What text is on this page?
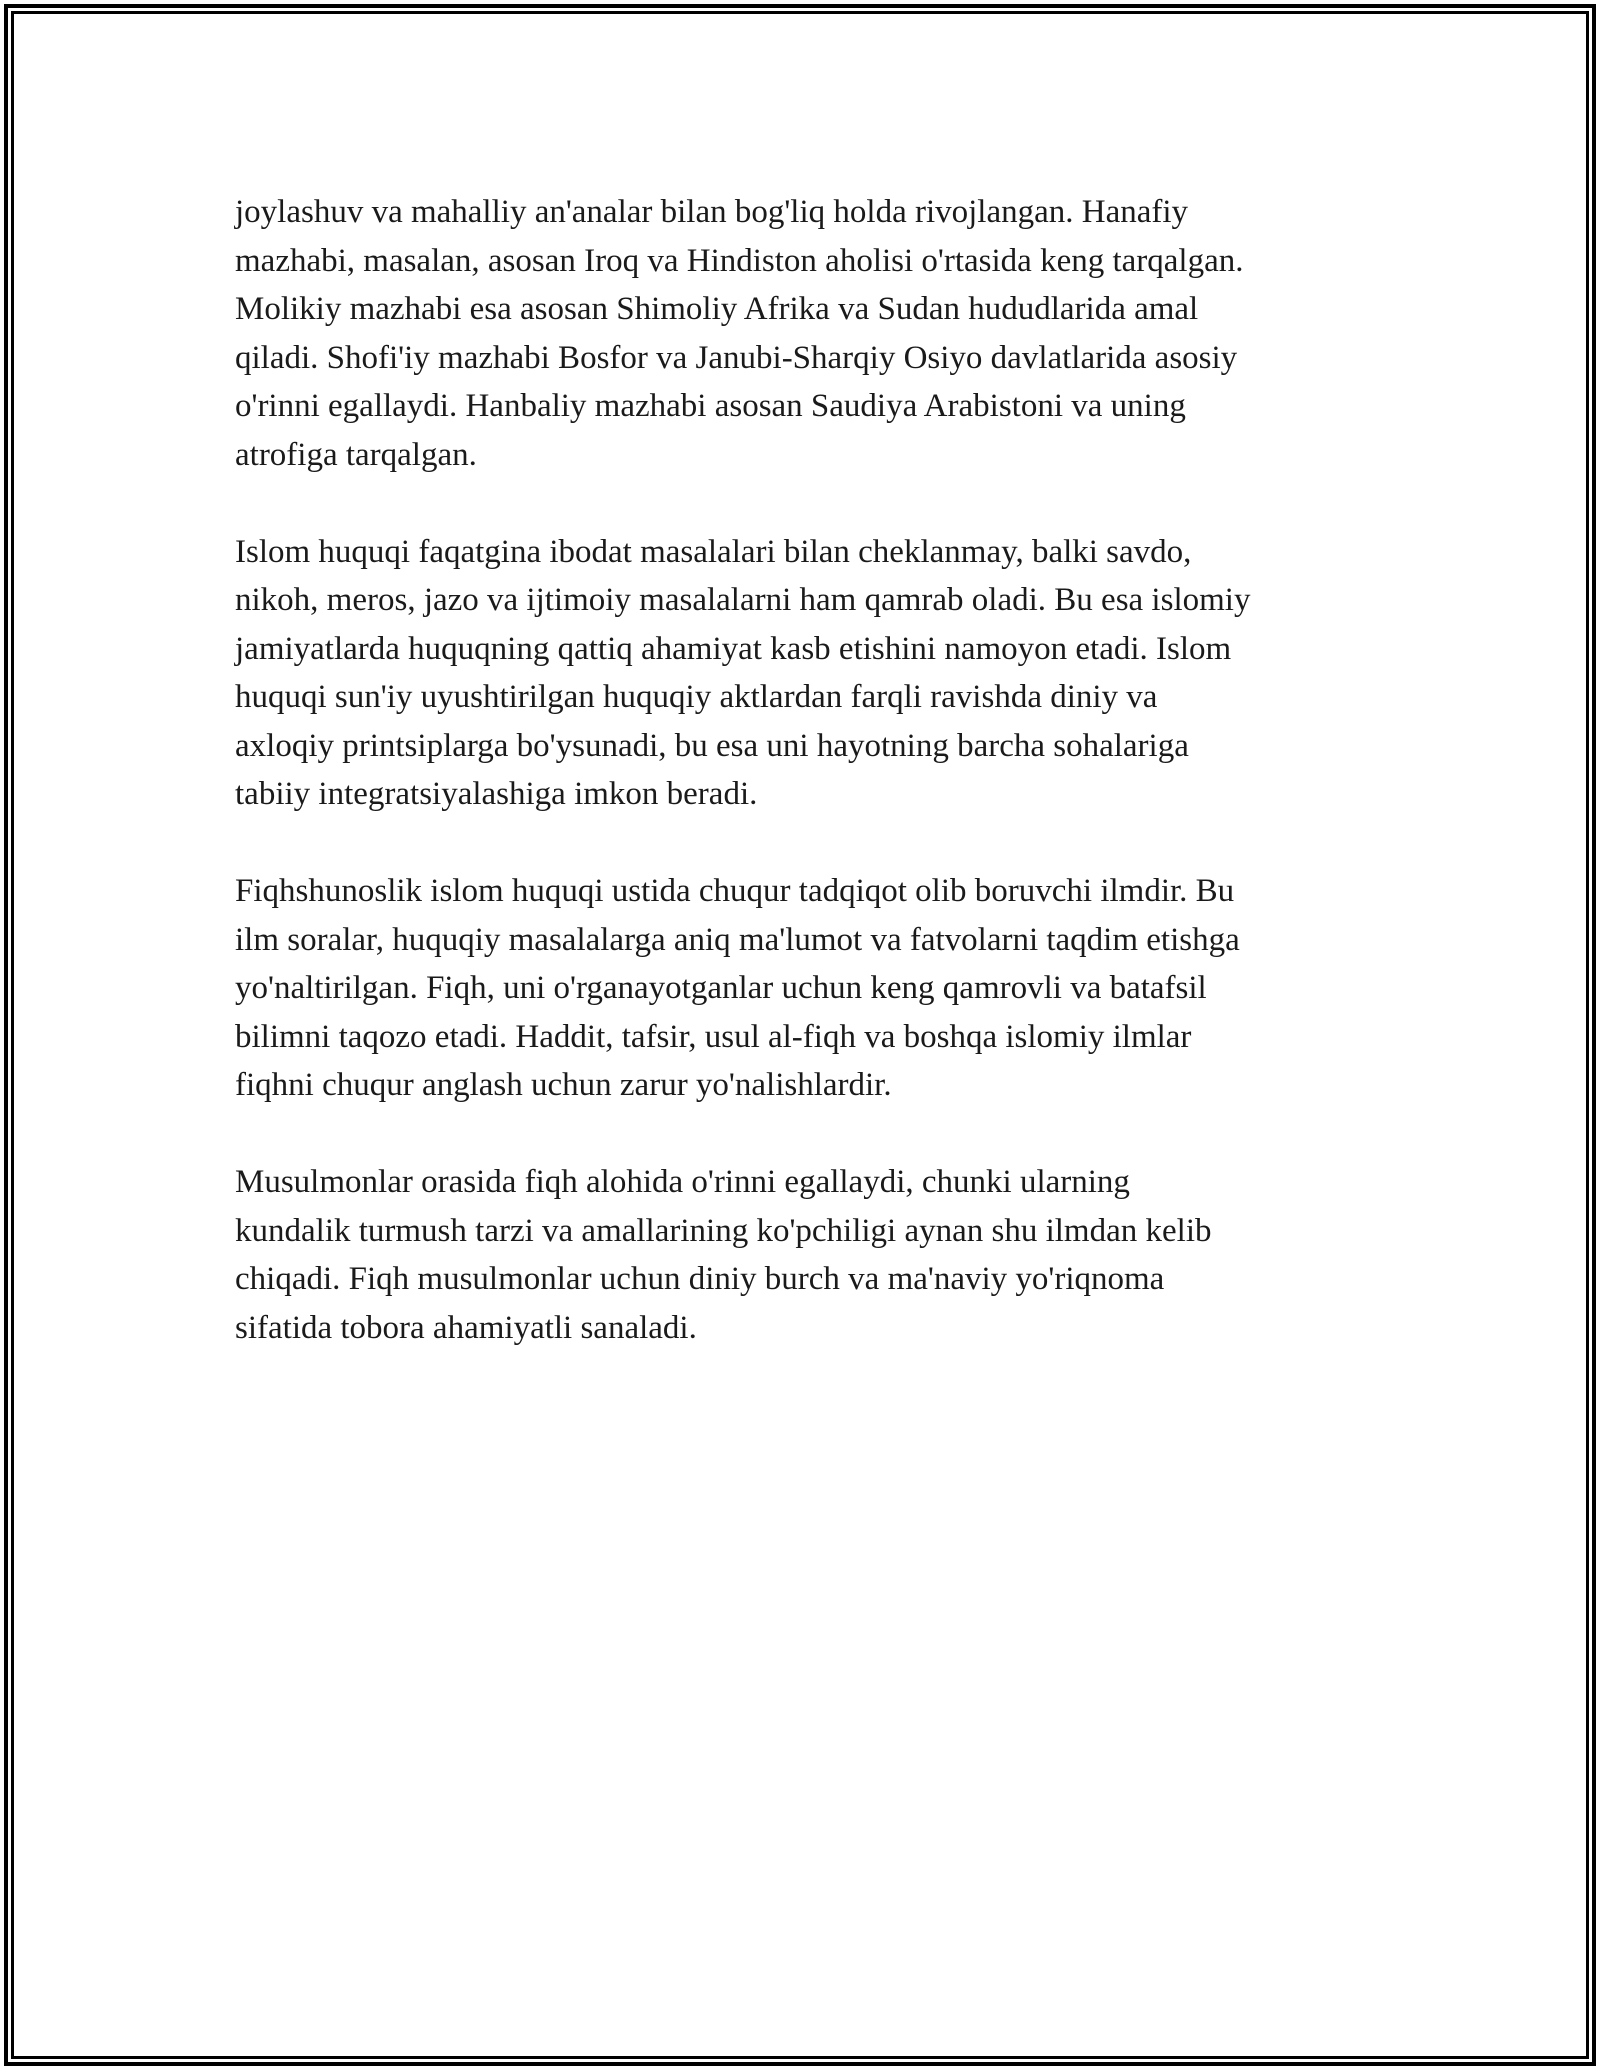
joylashuv va mahalliy an'analar bilan bog'liq holda rivojlangan. Hanafiy
mazhabi, masalan, asosan Iroq va Hindiston aholisi o'rtasida keng tarqalgan.
Molikiy mazhabi esa asosan Shimoliy Afrika va Sudan hududlarida amal
qiladi. Shofi'iy mazhabi Bosfor va Janubi-Sharqiy Osiyo davlatlarida asosiy
o'rinni egallaydi. Hanbaliy mazhabi asosan Saudiya Arabistoni va uning
atrofiga tarqalgan.

Islom huquqi faqatgina ibodat masalalari bilan cheklanmay, balki savdo,
nikoh, meros, jazo va ijtimoiy masalalarni ham qamrab oladi. Bu esa islomiy
jamiyatlarda huquqning qattiq ahamiyat kasb etishini namoyon etadi. Islom
huquqi sun'iy uyushtirilgan huquqiy aktlardan farqli ravishda diniy va
axloqiy printsiplarga bo'ysunadi, bu esa uni hayotning barcha sohalariga
tabiiy integratsiyalashiga imkon beradi.

Fiqhshunoslik islom huquqi ustida chuqur tadqiqot olib boruvchi ilmdir. Bu
ilm soralar, huquqiy masalalarga aniq ma'lumot va fatvolarni taqdim etishga
yo'naltirilgan. Fiqh, uni o'rganayotganlar uchun keng qamrovli va batafsil
bilimni taqozo etadi. Haddit, tafsir, usul al-fiqh va boshqa islomiy ilmlar
fiqhni chuqur anglash uchun zarur yo'nalishlardir.

Musulmonlar orasida fiqh alohida o'rinni egallaydi, chunki ularning
kundalik turmush tarzi va amallarining ko'pchiligi aynan shu ilmdan kelib
chiqadi. Fiqh musulmonlar uchun diniy burch va ma'naviy yo'riqnoma
sifatida tobora ahamiyatli sanaladi.
